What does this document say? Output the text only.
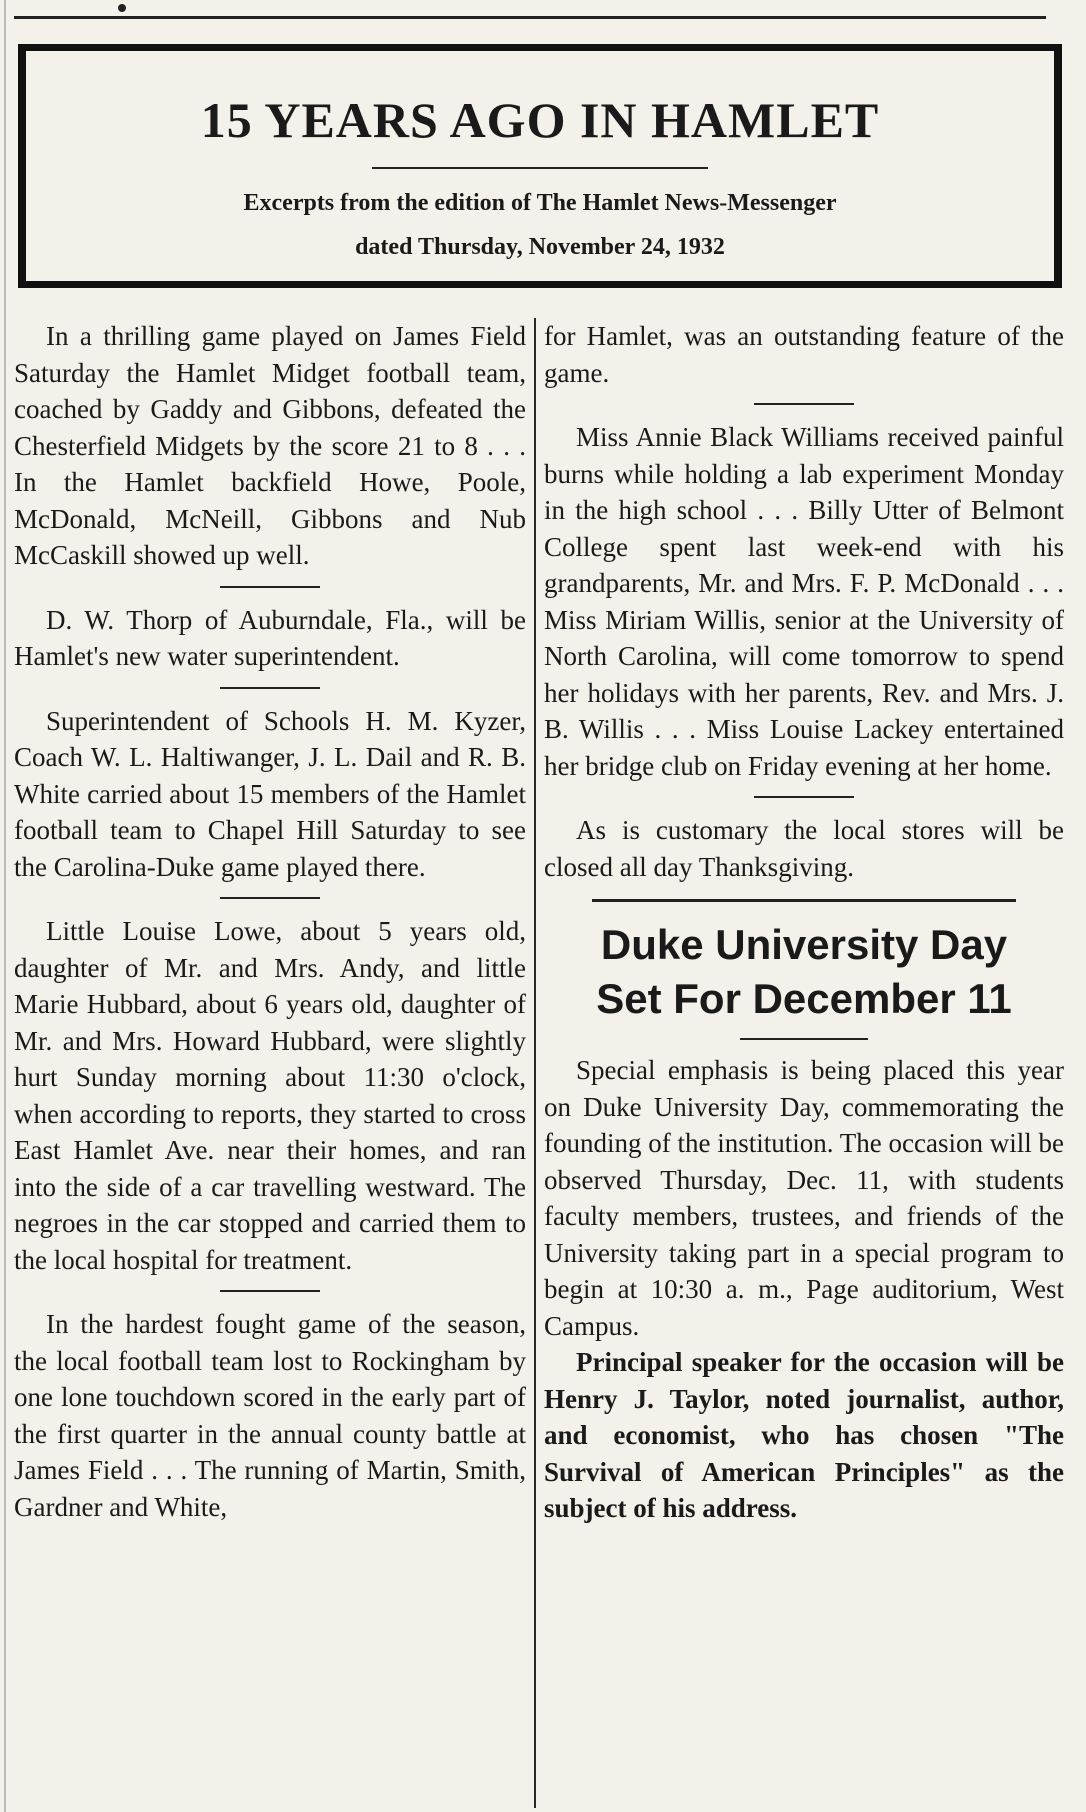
15 YEARS AGO IN HAMLET
Excerpts from the edition of The Hamlet News-Messenger
dated Thursday, November 24, 1932

In a thrilling game played on James Field Saturday the Hamlet Midget football team, coached by Gaddy and Gibbons, defeated the Chesterfield Midgets by the score 21 to 8 . . . In the Hamlet backfield Howe, Poole, McDonald, McNeill, Gibbons and Nub McCaskill showed up well.

D. W. Thorp of Auburndale, Fla., will be Hamlet's new water superintendent.

Superintendent of Schools H. M. Kyzer, Coach W. L. Haltiwanger, J. L. Dail and R. B. White carried about 15 members of the Hamlet football team to Chapel Hill Saturday to see the Carolina-Duke game played there.

Little Louise Lowe, about 5 years old, daughter of Mr. and Mrs. Andy, and little Marie Hubbard, about 6 years old, daughter of Mr. and Mrs. Howard Hubbard, were slightly hurt Sunday morning about 11:30 o'clock, when according to reports, they started to cross East Hamlet Ave. near their homes, and ran into the side of a car travelling westward. The negroes in the car stopped and carried them to the local hospital for treatment.

In the hardest fought game of the season, the local football team lost to Rockingham by one lone touchdown scored in the early part of the first quarter in the annual county battle at James Field . . . The running of Martin, Smith, Gardner and White,

for Hamlet, was an outstanding feature of the game.

Miss Annie Black Williams received painful burns while holding a lab experiment Monday in the high school . . . Billy Utter of Belmont College spent last week-end with his grandparents, Mr. and Mrs. F. P. McDonald . . . Miss Miriam Willis, senior at the University of North Carolina, will come tomorrow to spend her holidays with her parents, Rev. and Mrs. J. B. Willis . . . Miss Louise Lackey entertained her bridge club on Friday evening at her home.

As is customary the local stores will be closed all day Thanksgiving.

Duke University Day

Set For December 11

Special emphasis is being placed this year on Duke University Day, commemorating the founding of the institution. The occasion will be observed Thursday, Dec. 11, with students faculty members, trustees, and friends of the University taking part in a special program to begin at 10:30 a. m., Page auditorium, West Campus.

Principal speaker for the occasion will be Henry J. Taylor, noted journalist, author, and economist, who has chosen "The Survival of American Principles" as the subject of his address.
